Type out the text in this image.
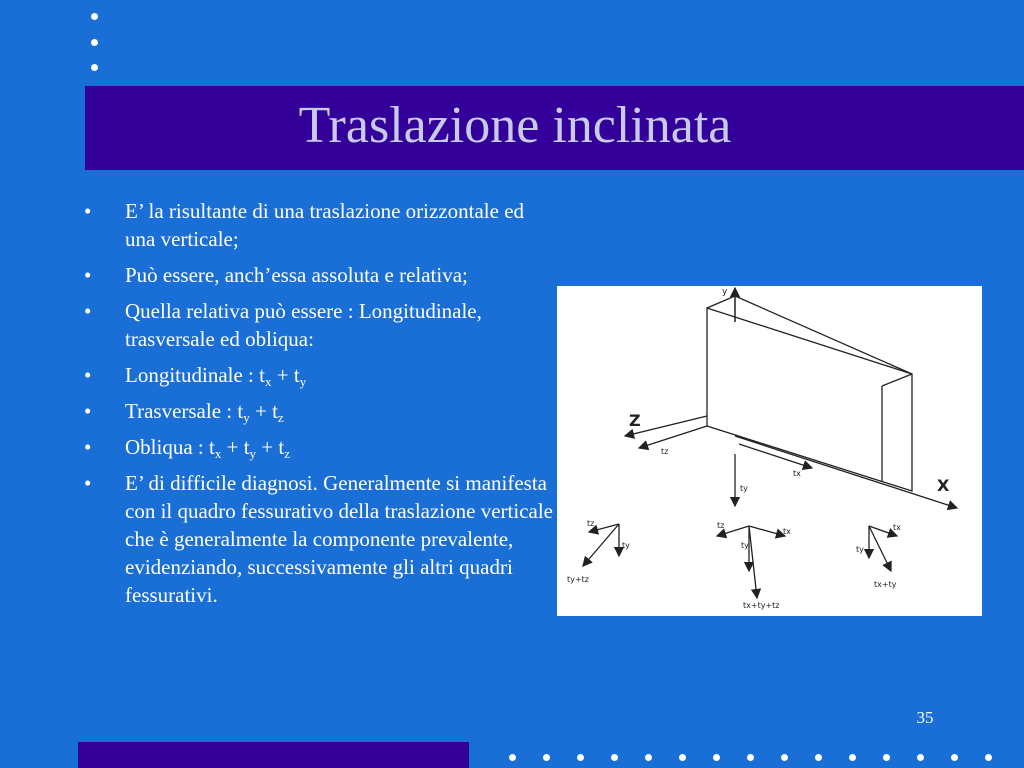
Traslazione inclinata
• E’ la risultante di una traslazione orizzontale ed una verticale;
• Può essere, anch’essa assoluta e relativa;
• Quella relativa può essere : Longitudinale, trasversale ed obliqua:
• Longitudinale : $t_x + t_y$
• Trasversale : $t_y + t_z$
• Obliqua : $t_x + t_y + t_z$
• E’ di difficile diagnosi. Generalmente si manifesta con il quadro fessurativo della traslazione verticale che è generalmente la componente prevalente, evidenziando, successivamente gli altri quadri fessurativi.
y
Z
X
tz
tx
ty
tz
ty
ty+tz
tz
tx
ty
tx+ty+tz
tx
ty
tx+ty
35
